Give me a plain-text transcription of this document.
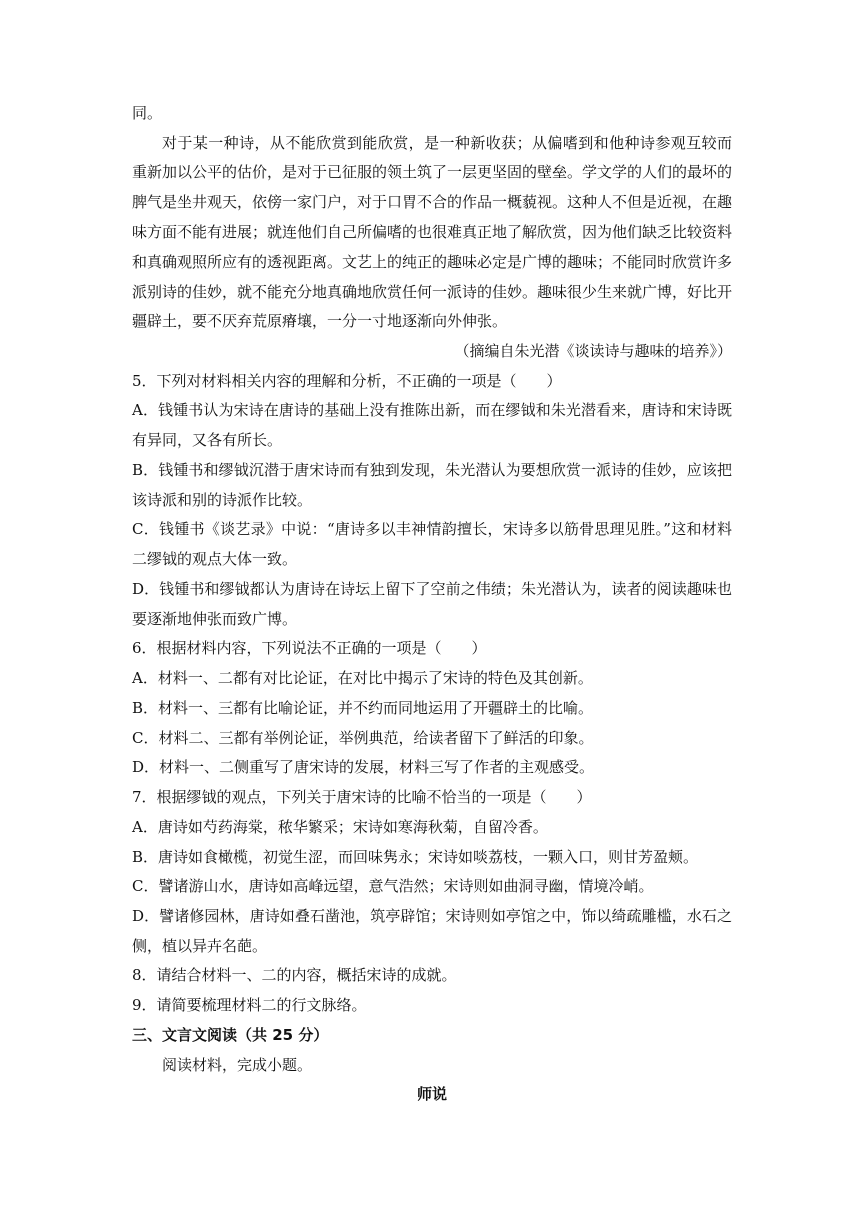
同。
对于某一种诗，从不能欣赏到能欣赏，是一种新收获；从偏嗜到和他种诗参观互较而
重新加以公平的估价，是对于已征服的领土筑了一层更坚固的壁垒。学文学的人们的最坏的
脾气是坐井观天，依傍一家门户，对于口胃不合的作品一概藐视。这种人不但是近视，在趣
味方面不能有进展；就连他们自己所偏嗜的也很难真正地了解欣赏，因为他们缺乏比较资料
和真确观照所应有的透视距离。文艺上的纯正的趣味必定是广博的趣味；不能同时欣赏许多
派别诗的佳妙，就不能充分地真确地欣赏任何一派诗的佳妙。趣味很少生来就广博，好比开
疆辟土，要不厌弃荒原瘠壤，一分一寸地逐渐向外伸张。
（摘编自朱光潜《谈读诗与趣味的培养》）
5．下列对材料相关内容的理解和分析，不正确的一项是（　　）
A．钱锺书认为宋诗在唐诗的基础上没有推陈出新，而在缪钺和朱光潜看来，唐诗和宋诗既
有异同，又各有所长。
B．钱锺书和缪钺沉潜于唐宋诗而有独到发现，朱光潜认为要想欣赏一派诗的佳妙，应该把
该诗派和别的诗派作比较。
C．钱锺书《谈艺录》中说：“唐诗多以丰神情韵擅长，宋诗多以筋骨思理见胜。”这和材料
二缪钺的观点大体一致。
D．钱锺书和缪钺都认为唐诗在诗坛上留下了空前之伟绩；朱光潜认为，读者的阅读趣味也
要逐渐地伸张而致广博。
6．根据材料内容，下列说法不正确的一项是（　　）
A．材料一、二都有对比论证，在对比中揭示了宋诗的特色及其创新。
B．材料一、三都有比喻论证，并不约而同地运用了开疆辟土的比喻。
C．材料二、三都有举例论证，举例典范，给读者留下了鲜活的印象。
D．材料一、二侧重写了唐宋诗的发展，材料三写了作者的主观感受。
7．根据缪钺的观点，下列关于唐宋诗的比喻不恰当的一项是（　　）
A．唐诗如芍药海棠，秾华繁采；宋诗如寒海秋菊，自留冷香。
B．唐诗如食橄榄，初觉生涩，而回味隽永；宋诗如啖荔枝，一颗入口，则甘芳盈颊。
C．譬诸游山水，唐诗如高峰远望，意气浩然；宋诗则如曲洞寻幽，情境冷峭。
D．譬诸修园林，唐诗如叠石凿池，筑亭辟馆；宋诗则如亭馆之中，饰以绮疏雕槛，水石之
侧，植以异卉名葩。
8．请结合材料一、二的内容，概括宋诗的成就。
9．请简要梳理材料二的行文脉络。
三、文言文阅读（共 25 分）
阅读材料，完成小题。
师说
